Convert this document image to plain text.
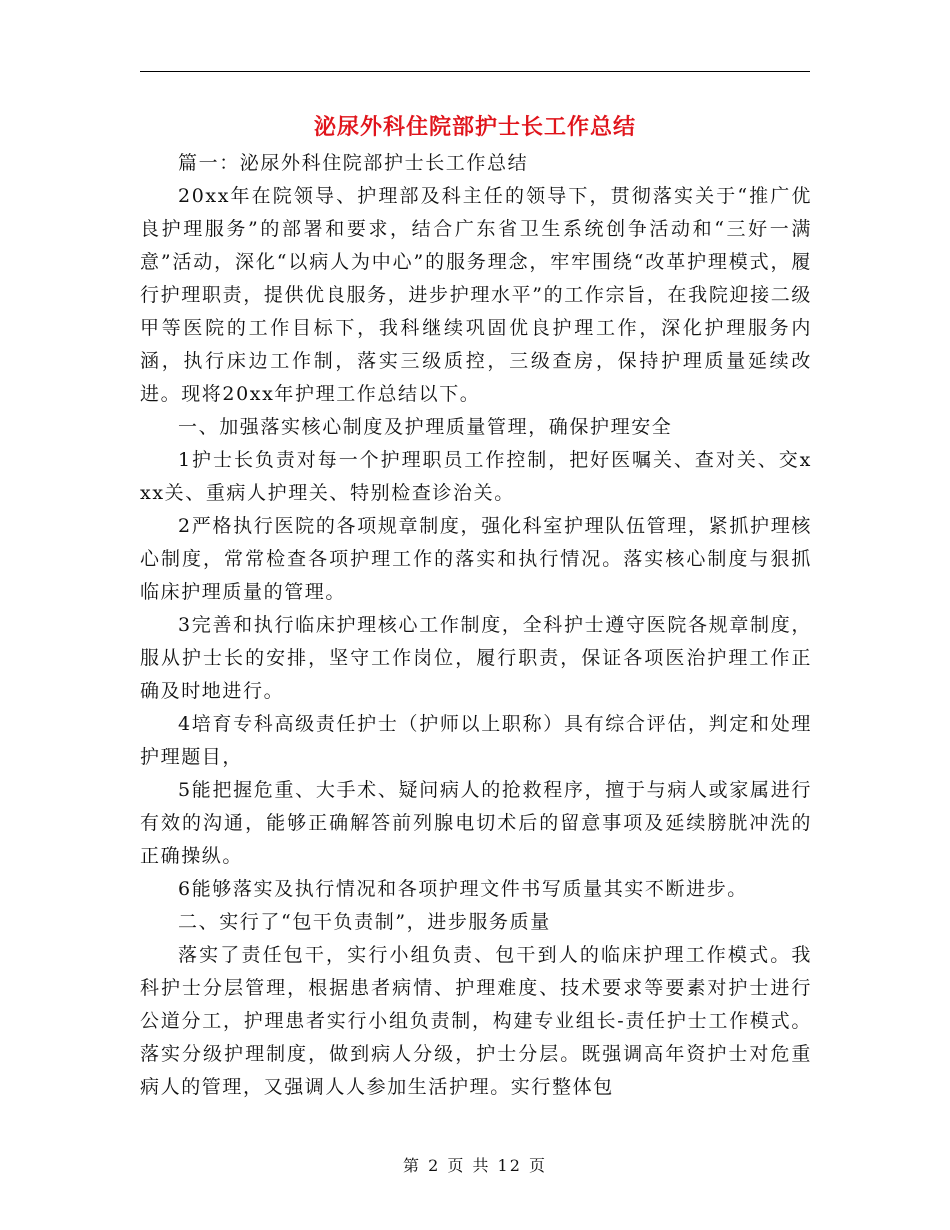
泌尿外科住院部护士长工作总结

篇一：泌尿外科住院部护士长工作总结

20xx年在院领导、护理部及科主任的领导下，贯彻落实关于“推广优良护理服务”的部署和要求，结合广东省卫生系统创争活动和“三好一满意”活动，深化“以病人为中心”的服务理念，牢牢围绕“改革护理模式，履行护理职责，提供优良服务，进步护理水平”的工作宗旨，在我院迎接二级甲等医院的工作目标下，我科继续巩固优良护理工作，深化护理服务内涵，执行床边工作制，落实三级质控，三级查房，保持护理质量延续改进。现将20xx年护理工作总结以下。

一、加强落实核心制度及护理质量管理，确保护理安全

1护士长负责对每一个护理职员工作控制，把好医嘱关、查对关、交xxx关、重病人护理关、特别检查诊治关。

2严格执行医院的各项规章制度，强化科室护理队伍管理，紧抓护理核心制度，常常检查各项护理工作的落实和执行情况。落实核心制度与狠抓临床护理质量的管理。

3完善和执行临床护理核心工作制度，全科护士遵守医院各规章制度，服从护士长的安排，坚守工作岗位，履行职责，保证各项医治护理工作正确及时地进行。

4培育专科高级责任护士（护师以上职称）具有综合评估，判定和处理护理题目，

5能把握危重、大手术、疑问病人的抢救程序，擅于与病人或家属进行有效的沟通，能够正确解答前列腺电切术后的留意事项及延续膀胱冲洗的正确操纵。

6能够落实及执行情况和各项护理文件书写质量其实不断进步。

二、实行了“包干负责制”，进步服务质量

落实了责任包干，实行小组负责、包干到人的临床护理工作模式。我科护士分层管理，根据患者病情、护理难度、技术要求等要素对护士进行公道分工，护理患者实行小组负责制，构建专业组长-责任护士工作模式。落实分级护理制度，做到病人分级，护士分层。既强调高年资护士对危重病人的管理，又强调人人参加生活护理。实行整体包

第 2 页 共 12 页
